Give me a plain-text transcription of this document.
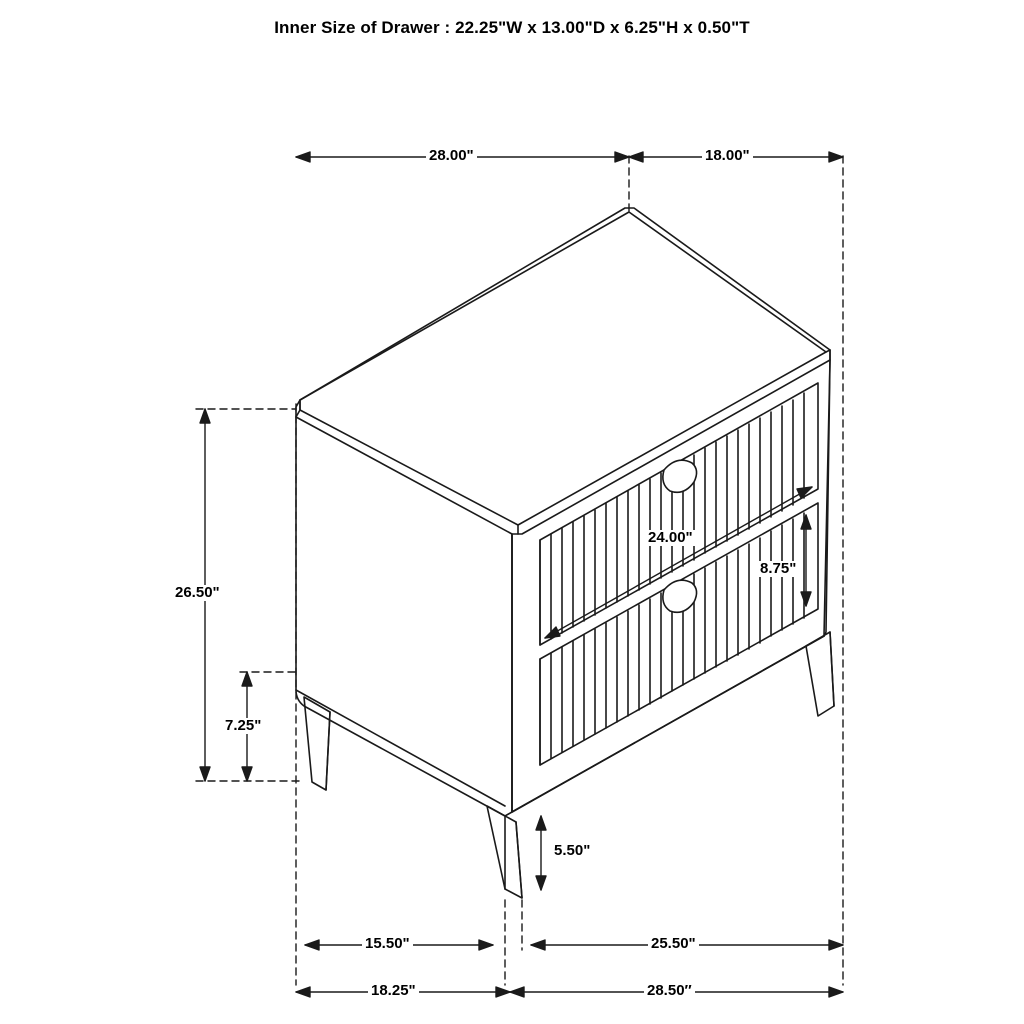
Inner Size of Drawer : 22.25"W x 13.00"D x 6.25"H x 0.50"T
28.00"	18.00"
26.50"
7.25"
24.00"
8.75"
5.50"
15.50"	25.50"
18.25"	28.50″
